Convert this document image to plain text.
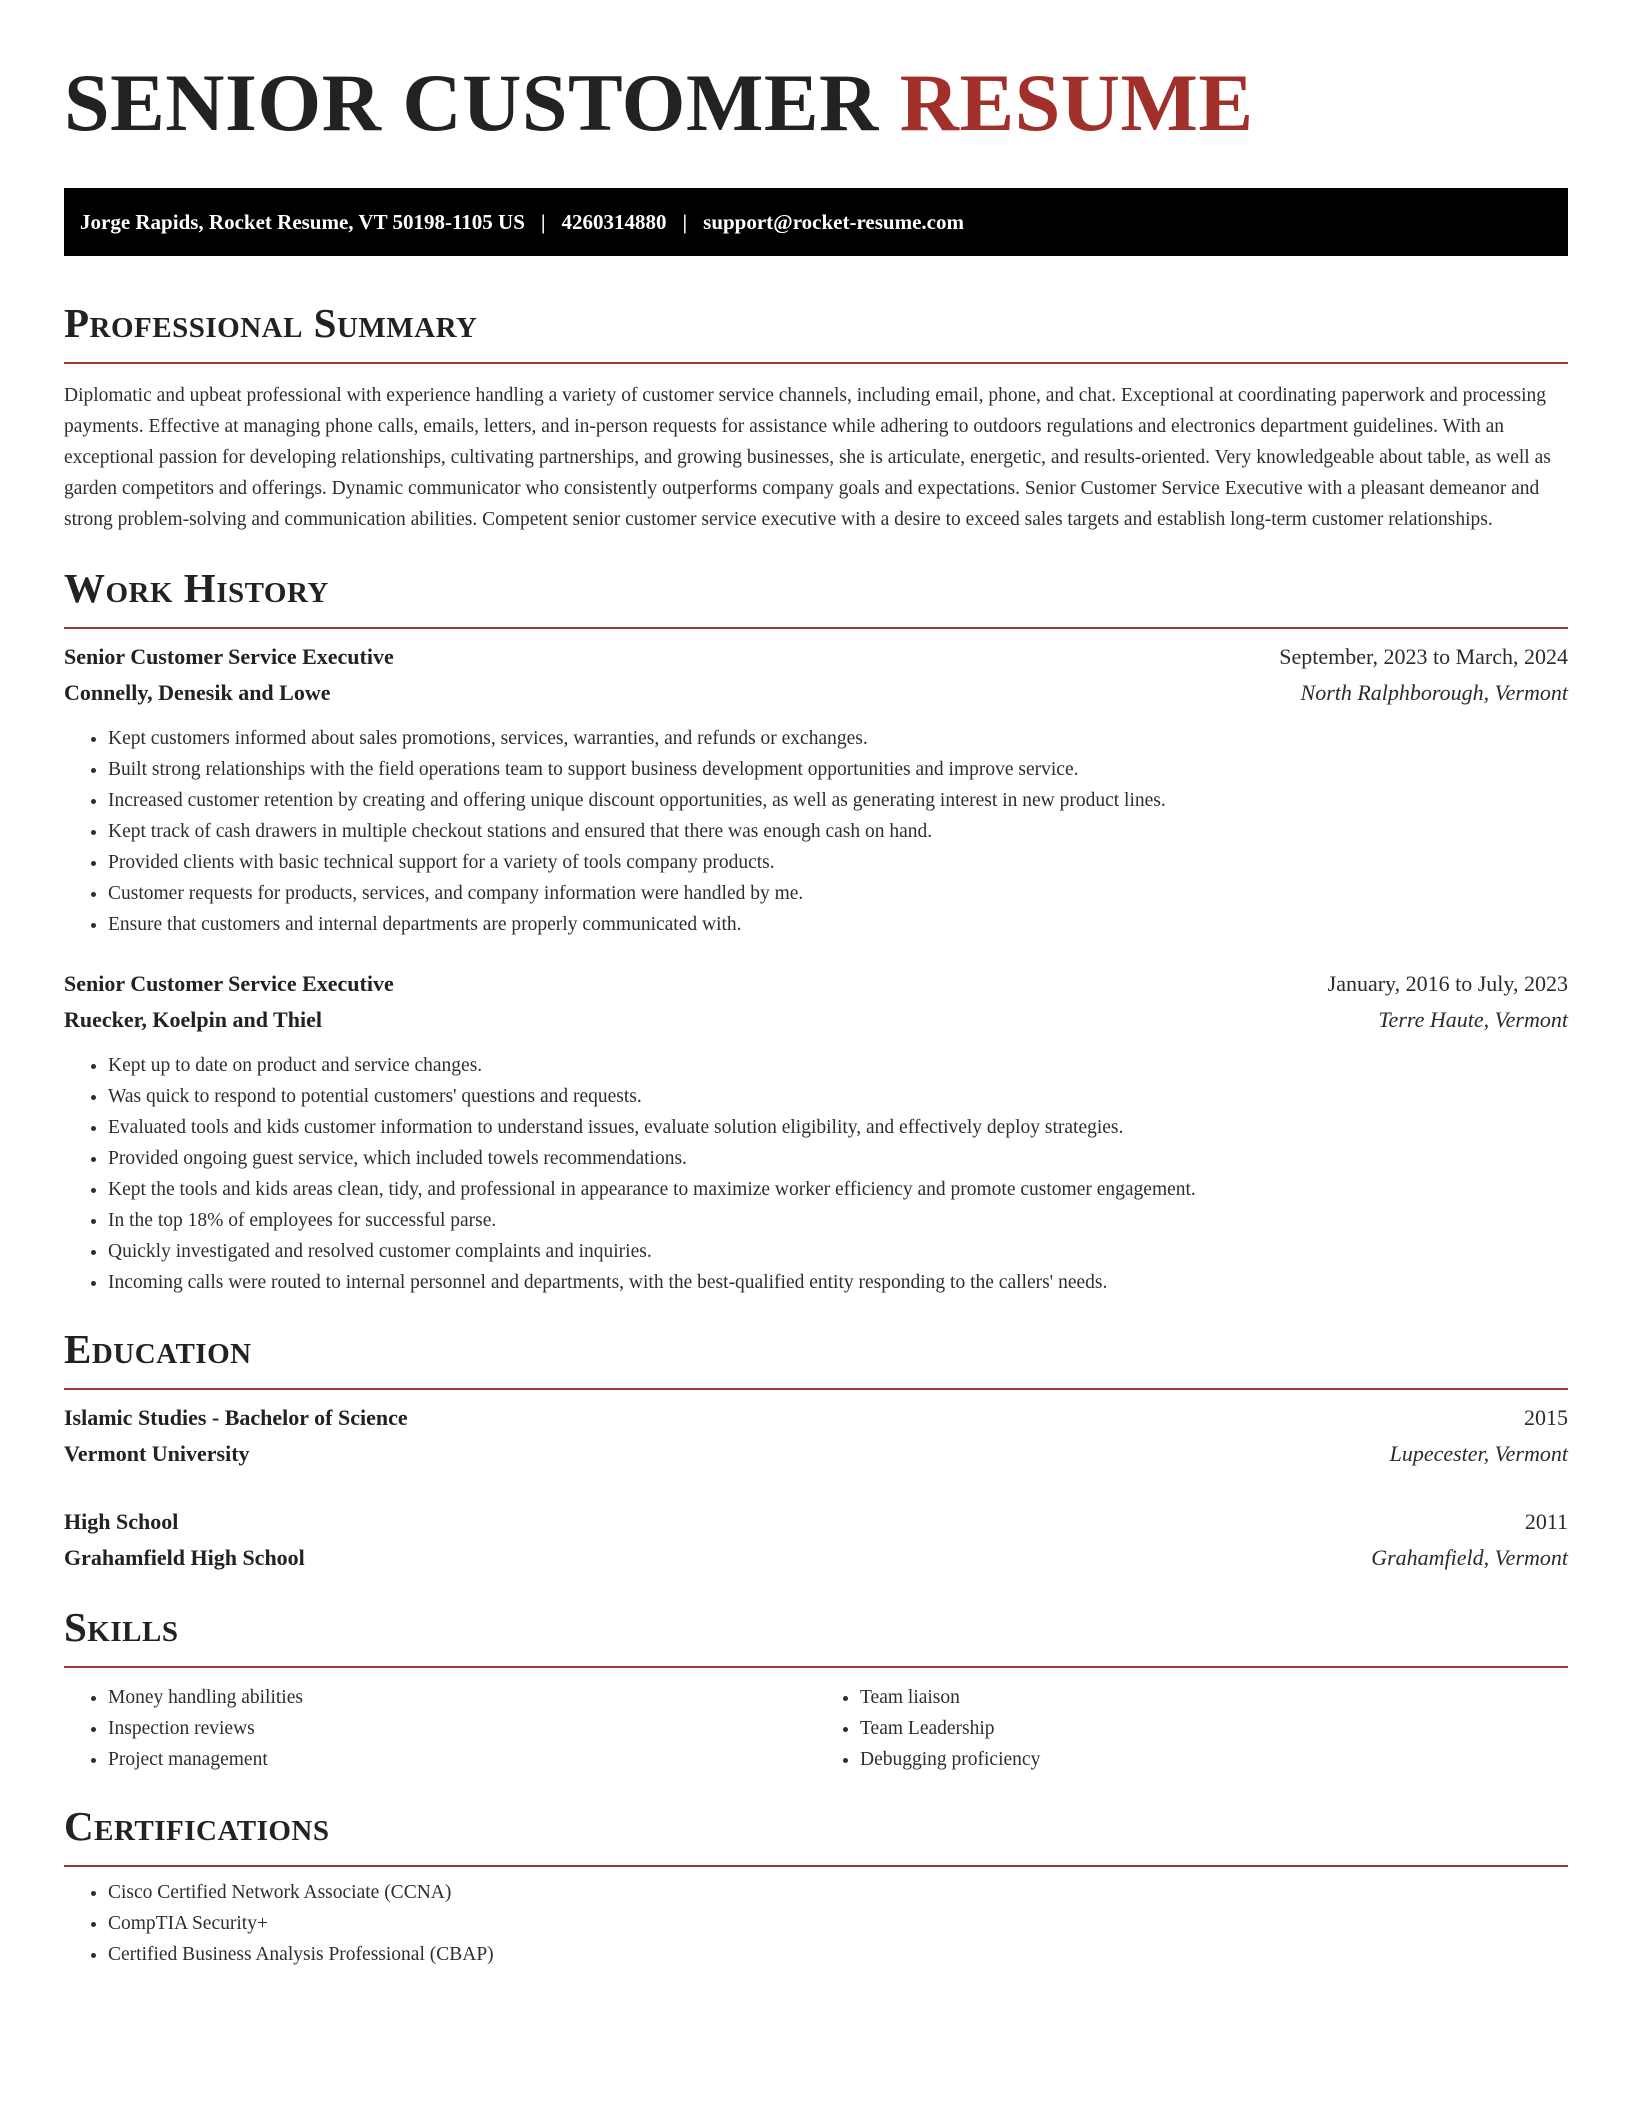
SENIOR CUSTOMER RESUME
Jorge Rapids, Rocket Resume, VT 50198-1105 US | 4260314880 | support@rocket-resume.com
Professional Summary

Diplomatic and upbeat professional with experience handling a variety of customer service channels, including email, phone, and chat. Exceptional at coordinating paperwork and processing payments. Effective at managing phone calls, emails, letters, and in-person requests for assistance while adhering to outdoors regulations and electronics department guidelines. With an exceptional passion for developing relationships, cultivating partnerships, and growing businesses, she is articulate, energetic, and results-oriented. Very knowledgeable about table, as well as garden competitors and offerings. Dynamic communicator who consistently outperforms company goals and expectations. Senior Customer Service Executive with a pleasant demeanor and strong problem-solving and communication abilities. Competent senior customer service executive with a desire to exceed sales targets and establish long-term customer relationships.

Work History
Senior Customer Service Executive	September, 2023 to March, 2024
Connelly, Denesik and Lowe	North Ralphborough, Vermont
• Kept customers informed about sales promotions, services, warranties, and refunds or exchanges.
• Built strong relationships with the field operations team to support business development opportunities and improve service.
• Increased customer retention by creating and offering unique discount opportunities, as well as generating interest in new product lines.
• Kept track of cash drawers in multiple checkout stations and ensured that there was enough cash on hand.
• Provided clients with basic technical support for a variety of tools company products.
• Customer requests for products, services, and company information were handled by me.
• Ensure that customers and internal departments are properly communicated with.
Senior Customer Service Executive	January, 2016 to July, 2023
Ruecker, Koelpin and Thiel	Terre Haute, Vermont
• Kept up to date on product and service changes.
• Was quick to respond to potential customers' questions and requests.
• Evaluated tools and kids customer information to understand issues, evaluate solution eligibility, and effectively deploy strategies.
• Provided ongoing guest service, which included towels recommendations.
• Kept the tools and kids areas clean, tidy, and professional in appearance to maximize worker efficiency and promote customer engagement.
• In the top 18% of employees for successful parse.
• Quickly investigated and resolved customer complaints and inquiries.
• Incoming calls were routed to internal personnel and departments, with the best-qualified entity responding to the callers' needs.
Education
Islamic Studies - Bachelor of Science	2015
Vermont University	Lupecester, Vermont
High School	2011
Grahamfield High School	Grahamfield, Vermont
Skills
• Money handling abilities
• Inspection reviews
• Project management
• Team liaison
• Team Leadership
• Debugging proficiency
Certifications
• Cisco Certified Network Associate (CCNA)
• CompTIA Security+
• Certified Business Analysis Professional (CBAP)
